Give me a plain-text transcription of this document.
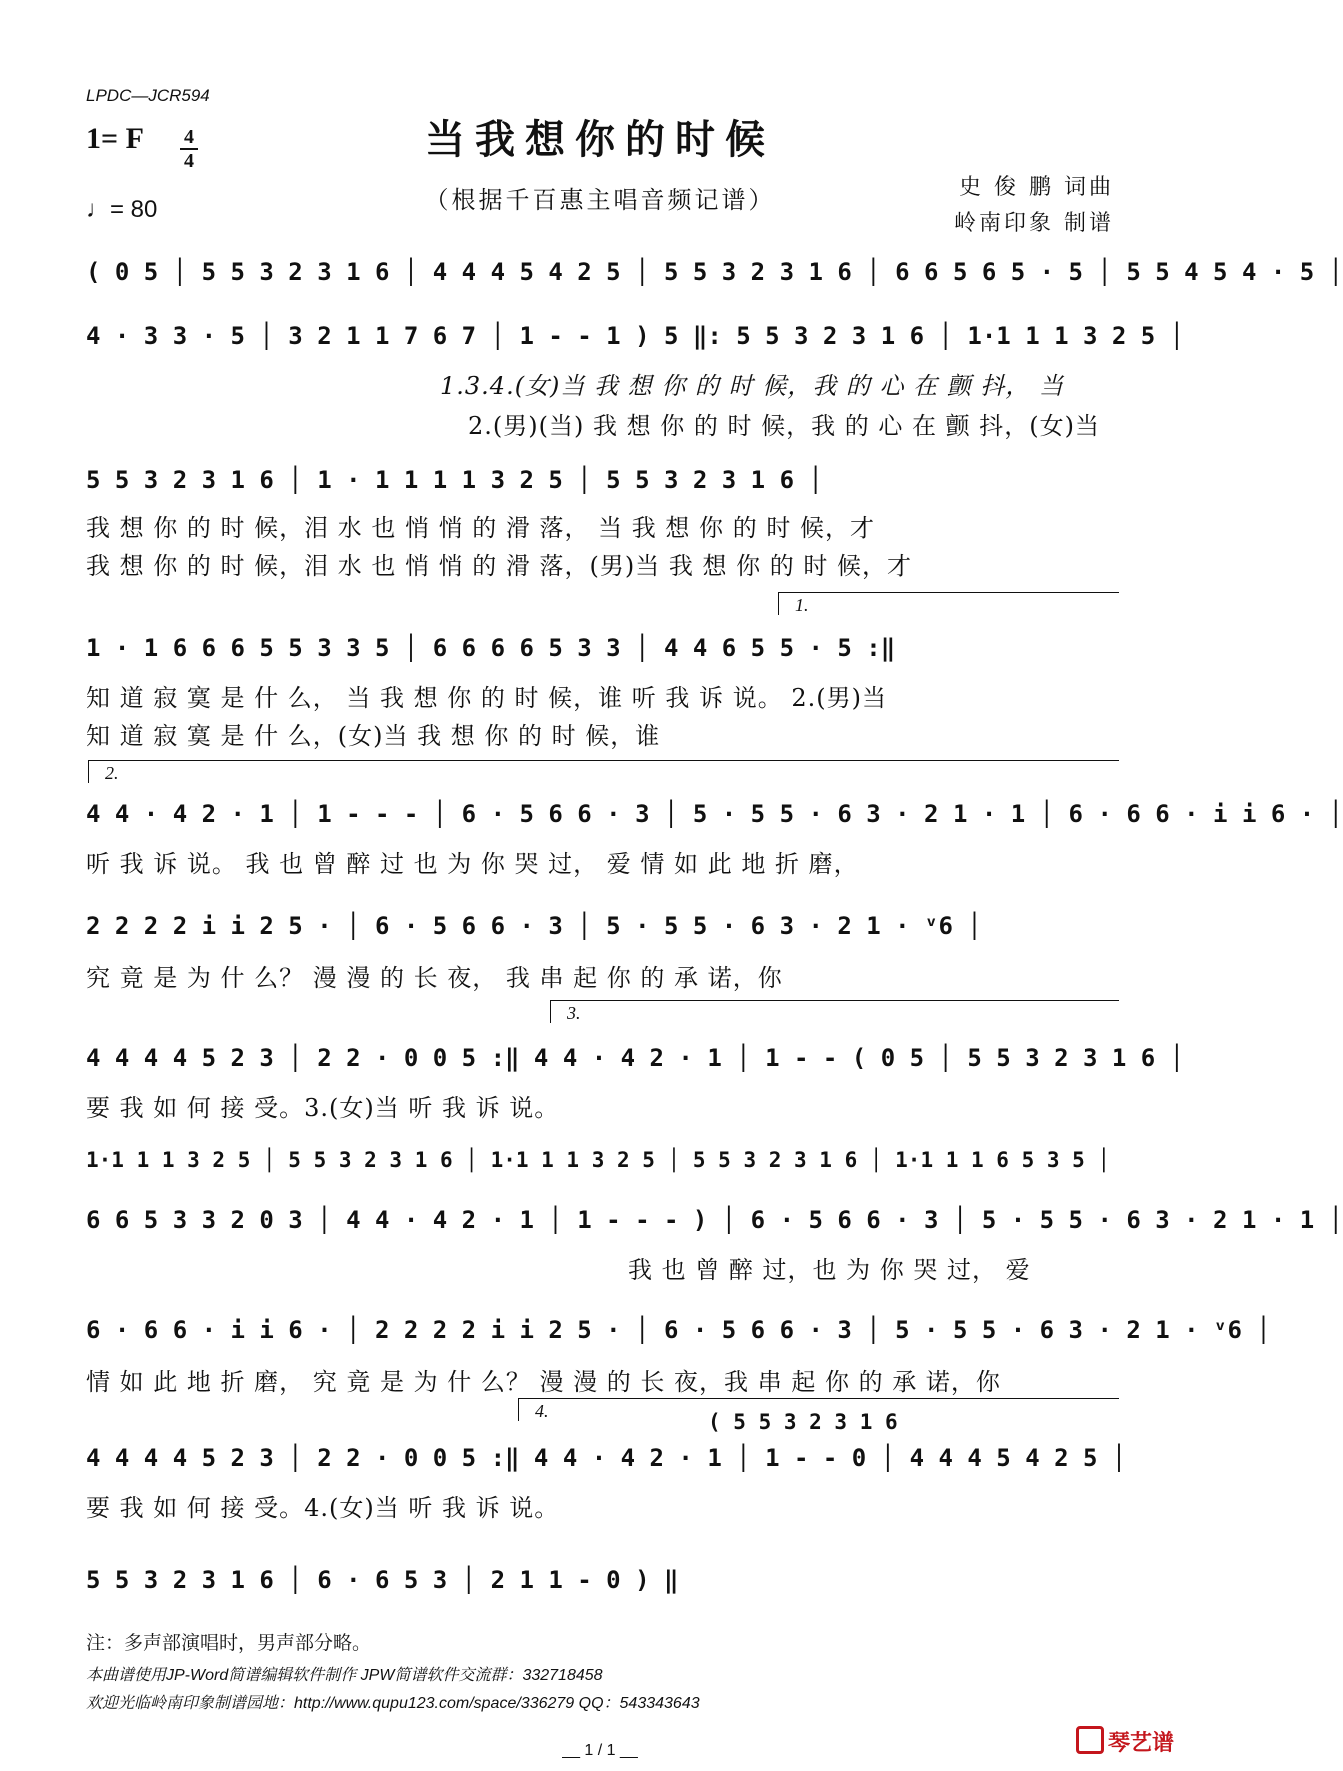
LPDC—JCR594
1= F 4
4
♩= 80
当我想你的时候
（根据千百惠主唱音频记谱）	史 俊 鹏 词曲
岭南印象 制谱
( 0 5 │ 5 5 3 2 3 1 6 │ 4 4 4 5 4 2 5 │ 5 5 3 2 3 1 6 │ 6 6 5 6 5 · 5 │ 5 5 4 5 4 · 5 │
4 · 3 3 · 5 │ 3 2 1 1 7 6 7 │ 1 - - 1 ) 5 ‖: 5 5 3 2 3 1 6 │ 1·1 1 1 3 2 5 │
1.3.4.(女)当 我 想 你 的 时 候，我 的 心 在 颤 抖， 当
2.(男)(当) 我 想 你 的 时 候，我 的 心 在 颤 抖，(女)当
5 5 3 2 3 1 6 │ 1 · 1 1 1 1 3 2 5 │ 5 5 3 2 3 1 6 │
我 想 你 的 时 候，泪 水 也 悄 悄 的 滑 落， 当 我 想 你 的 时 候，才
我 想 你 的 时 候，泪 水 也 悄 悄 的 滑 落，(男)当 我 想 你 的 时 候，才
1.
1 · 1 6 6 6 5 5 3 3 5 │ 6 6 6 6 5 3 3 │ 4 4 6 5 5 · 5 :‖
知 道 寂 寞 是 什 么， 当 我 想 你 的 时 候，谁 听 我 诉 说。 2.(男)当
知 道 寂 寞 是 什 么，(女)当 我 想 你 的 时 候，谁
2.
4 4 · 4 2 · 1 │ 1 - - - │ 6 · 5 6 6 · 3 │ 5 · 5 5 · 6 3 · 2 1 · 1 │ 6 · 6 6 · i i 6 · │
听 我 诉 说。 我 也 曾 醉 过 也 为 你 哭 过， 爱 情 如 此 地 折 磨，
2 2 2 2 i i 2 5 · │ 6 · 5 6 6 · 3 │ 5 · 5 5 · 6 3 · 2 1 · ᵛ6 │
究 竟 是 为 什 么？ 漫 漫 的 长 夜， 我 串 起 你 的 承 诺，你
3.
4 4 4 4 5 2 3 │ 2 2 · 0 0 5 :‖ 4 4 · 4 2 · 1 │ 1 - - ( 0 5 │ 5 5 3 2 3 1 6 │
要 我 如 何 接 受。3.(女)当 听 我 诉 说。
1·1 1 1 3 2 5 │ 5 5 3 2 3 1 6 │ 1·1 1 1 3 2 5 │ 5 5 3 2 3 1 6 │ 1·1 1 1 6 5 3 5 │
6 6 5 3 3 2 0 3 │ 4 4 · 4 2 · 1 │ 1 - - - ) │ 6 · 5 6 6 · 3 │ 5 · 5 5 · 6 3 · 2 1 · 1 │
我 也 曾 醉 过，也 为 你 哭 过， 爱
6 · 6 6 · i i 6 · │ 2 2 2 2 i i 2 5 · │ 6 · 5 6 6 · 3 │ 5 · 5 5 · 6 3 · 2 1 · ᵛ6 │
情 如 此 地 折 磨， 究 竟 是 为 什 么？ 漫 漫 的 长 夜，我 串 起 你 的 承 诺，你
4.	( 5 5 3 2 3 1 6
4 4 4 4 5 2 3 │ 2 2 · 0 0 5 :‖ 4 4 · 4 2 · 1 │ 1 - - 0 │ 4 4 4 5 4 2 5 │
要 我 如 何 接 受。4.(女)当 听 我 诉 说。
5 5 3 2 3 1 6 │ 6 · 6 5 3 │ 2 1 1 - 0 ) ‖
注：多声部演唱时，男声部分略。
本曲谱使用JP-Word简谱编辑软件制作 JPW简谱软件交流群：332718458
欢迎光临岭南印象制谱园地：http://www.qupu123.com/space/336279 QQ：543343643
__ 1 / 1 __	琴艺谱
